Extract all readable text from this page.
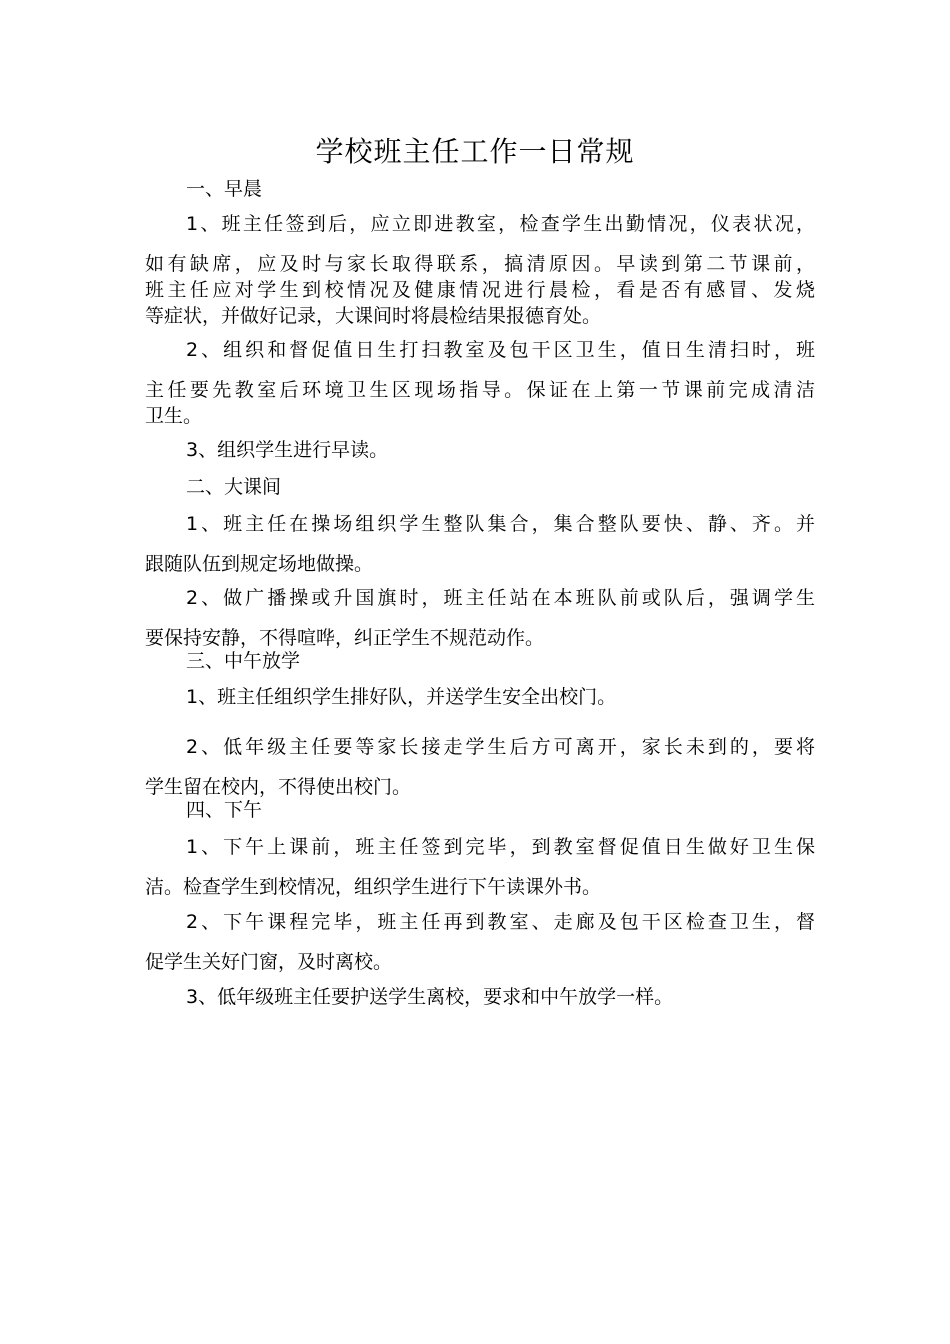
学校班主任工作一日常规
一、早晨
1、班主任签到后，应立即进教室，检查学生出勤情况，仪表状况，
如有缺席，应及时与家长取得联系，搞清原因。早读到第二节课前，
班主任应对学生到校情况及健康情况进行晨检，看是否有感冒、发烧
等症状，并做好记录，大课间时将晨检结果报德育处。
2、组织和督促值日生打扫教室及包干区卫生，值日生清扫时，班
主任要先教室后环境卫生区现场指导。保证在上第一节课前完成清洁
卫生。
3、组织学生进行早读。
二、大课间
1、班主任在操场组织学生整队集合，集合整队要快、静、齐。并
跟随队伍到规定场地做操。
2、做广播操或升国旗时，班主任站在本班队前或队后，强调学生
要保持安静，不得喧哗，纠正学生不规范动作。
三、中午放学
1、班主任组织学生排好队，并送学生安全出校门。
2、低年级主任要等家长接走学生后方可离开，家长未到的，要将
学生留在校内，不得使出校门。
四、下午
1、下午上课前，班主任签到完毕，到教室督促值日生做好卫生保
洁。检查学生到校情况，组织学生进行下午读课外书。
2、下午课程完毕，班主任再到教室、走廊及包干区检查卫生，督
促学生关好门窗，及时离校。
3、低年级班主任要护送学生离校，要求和中午放学一样。
